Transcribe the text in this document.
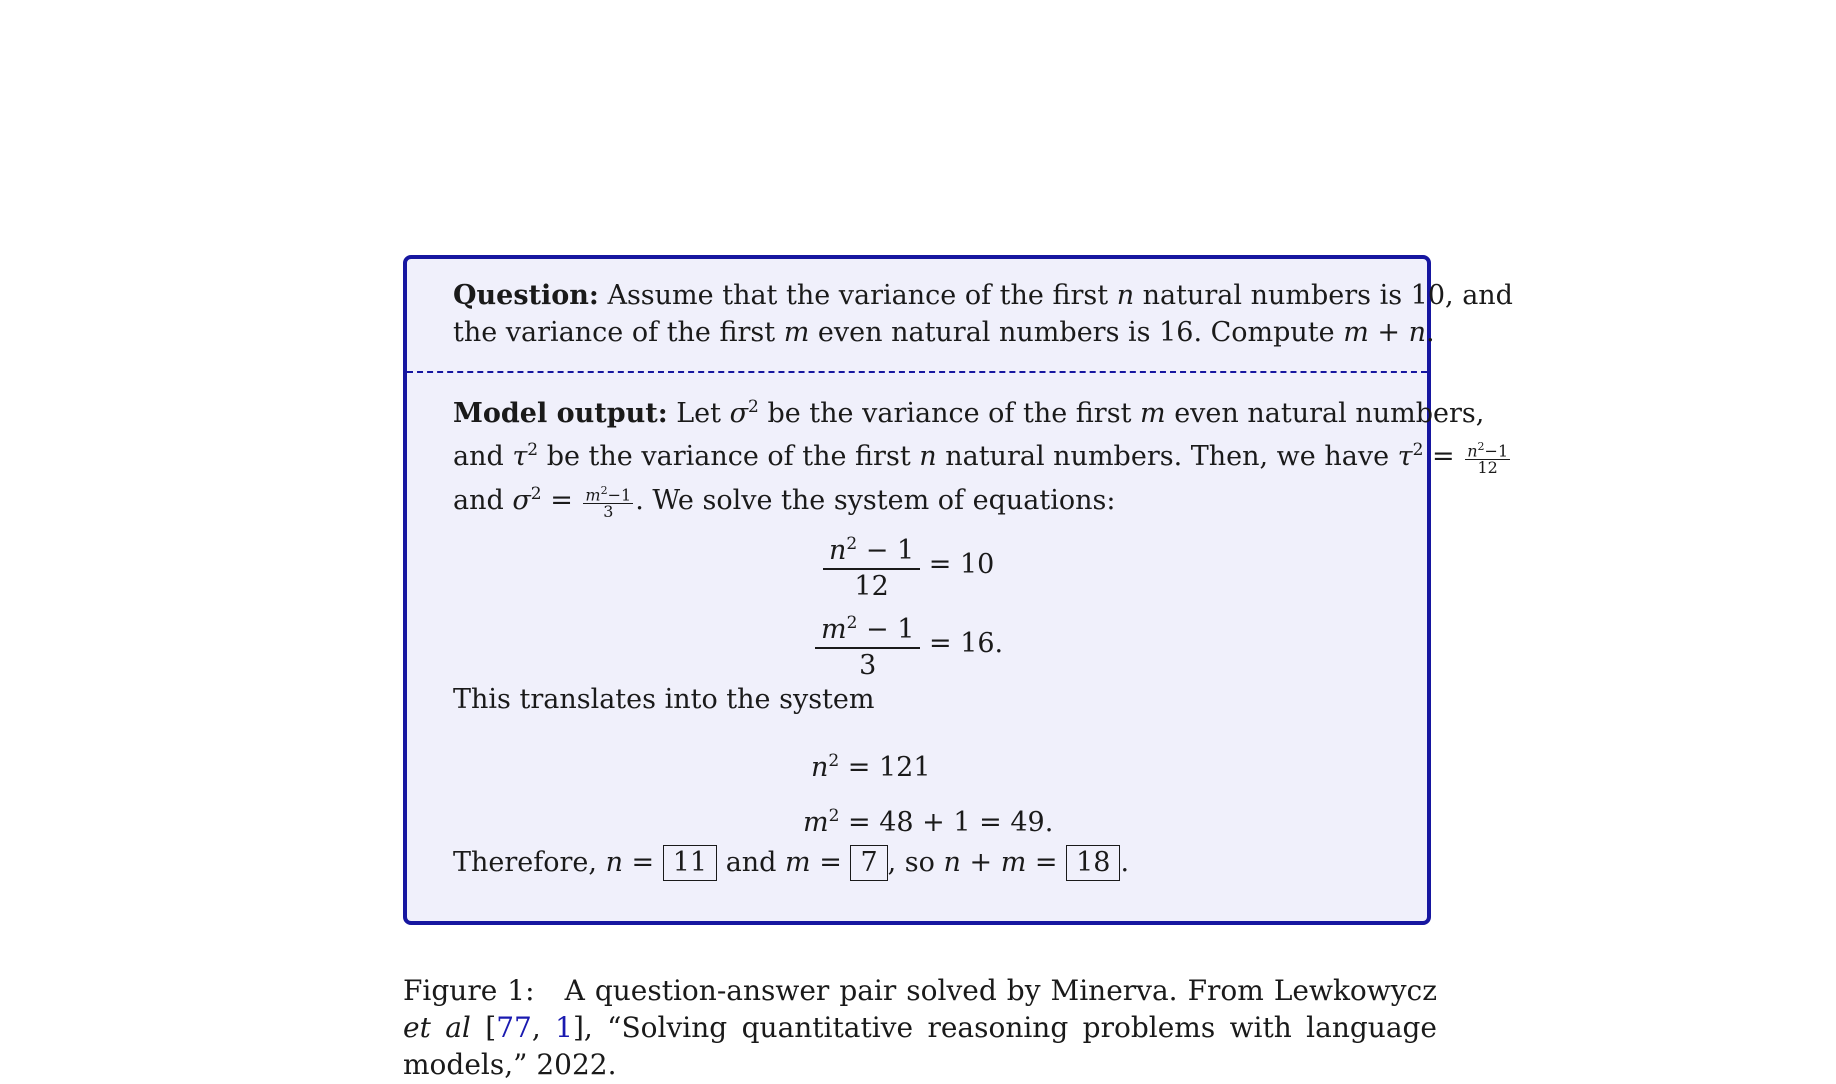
Question: Assume that the variance of the first n natural numbers is 10, and
the variance of the first m even natural numbers is 16. Compute m + n.
Model output: Let $\sigma^2$ be the variance of the first m even natural numbers,
and $\tau^2$ be the variance of the first n natural numbers. Then, we have $\tau^2 = \frac{n^2-1}{12}$
and $\sigma^2 = \frac{m^2-1}{3}$ . We solve the system of equations:
$\frac{n^2 - 1}{12} = 10$
$\frac{m^2 - 1}{3} = 16$.
This translates into the system
$n^2 = 121$
$m^2 = 48 + 1 = 49$.
Therefore, n = 11 and m = 7 , so n + m = 18 .
Figure 1:   A question-answer pair solved by Minerva. From Lewkowycz et al [77, 1], “Solving quantitative reasoning problems with language models,” 2022.
